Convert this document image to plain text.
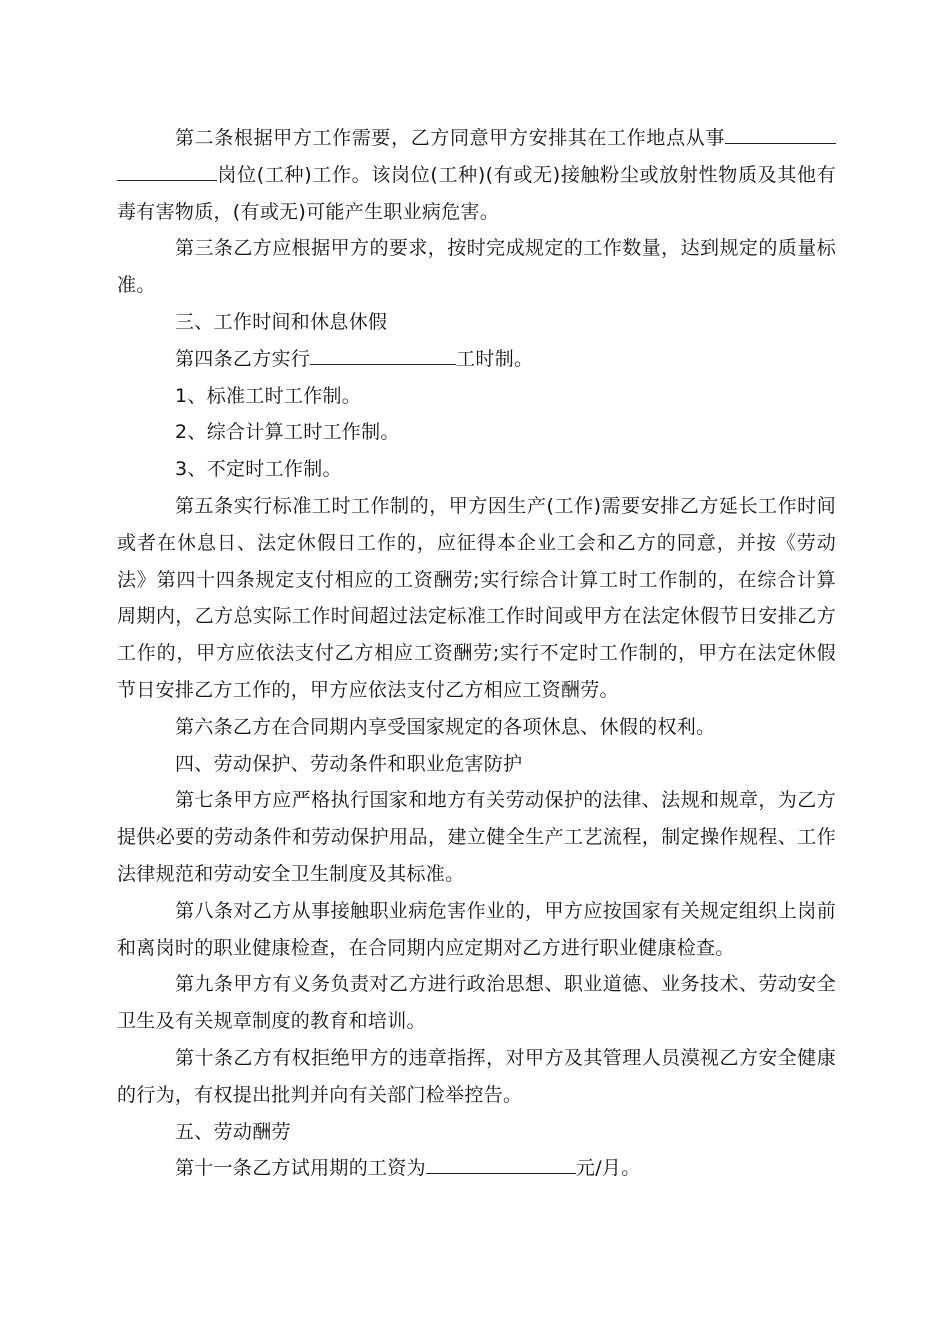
第二条根据甲方工作需要，乙方同意甲方安排其在工作地点从事岗位(工种)工作。该岗位(工种)(有或无)接触粉尘或放射性物质及其他有毒有害物质，(有或无)可能产生职业病危害。

第三条乙方应根据甲方的要求，按时完成规定的工作数量，达到规定的质量标准。

三、工作时间和休息休假

第四条乙方实行	工时制。

1、标准工时工作制。

2、综合计算工时工作制。

3、不定时工作制。

第五条实行标准工时工作制的，甲方因生产(工作)需要安排乙方延长工作时间或者在休息日、法定休假日工作的，应征得本企业工会和乙方的同意，并按《劳动法》第四十四条规定支付相应的工资酬劳;实行综合计算工时工作制的，在综合计算周期内，乙方总实际工作时间超过法定标准工作时间或甲方在法定休假节日安排乙方工作的，甲方应依法支付乙方相应工资酬劳;实行不定时工作制的，甲方在法定休假节日安排乙方工作的，甲方应依法支付乙方相应工资酬劳。

第六条乙方在合同期内享受国家规定的各项休息、休假的权利。

四、劳动保护、劳动条件和职业危害防护

第七条甲方应严格执行国家和地方有关劳动保护的法律、法规和规章，为乙方提供必要的劳动条件和劳动保护用品，建立健全生产工艺流程，制定操作规程、工作法律规范和劳动安全卫生制度及其标准。

第八条对乙方从事接触职业病危害作业的，甲方应按国家有关规定组织上岗前和离岗时的职业健康检查，在合同期内应定期对乙方进行职业健康检查。

第九条甲方有义务负责对乙方进行政治思想、职业道德、业务技术、劳动安全卫生及有关规章制度的教育和培训。

第十条乙方有权拒绝甲方的违章指挥，对甲方及其管理人员漠视乙方安全健康的行为，有权提出批判并向有关部门检举控告。

五、劳动酬劳

第十一条乙方试用期的工资为	元/月。
